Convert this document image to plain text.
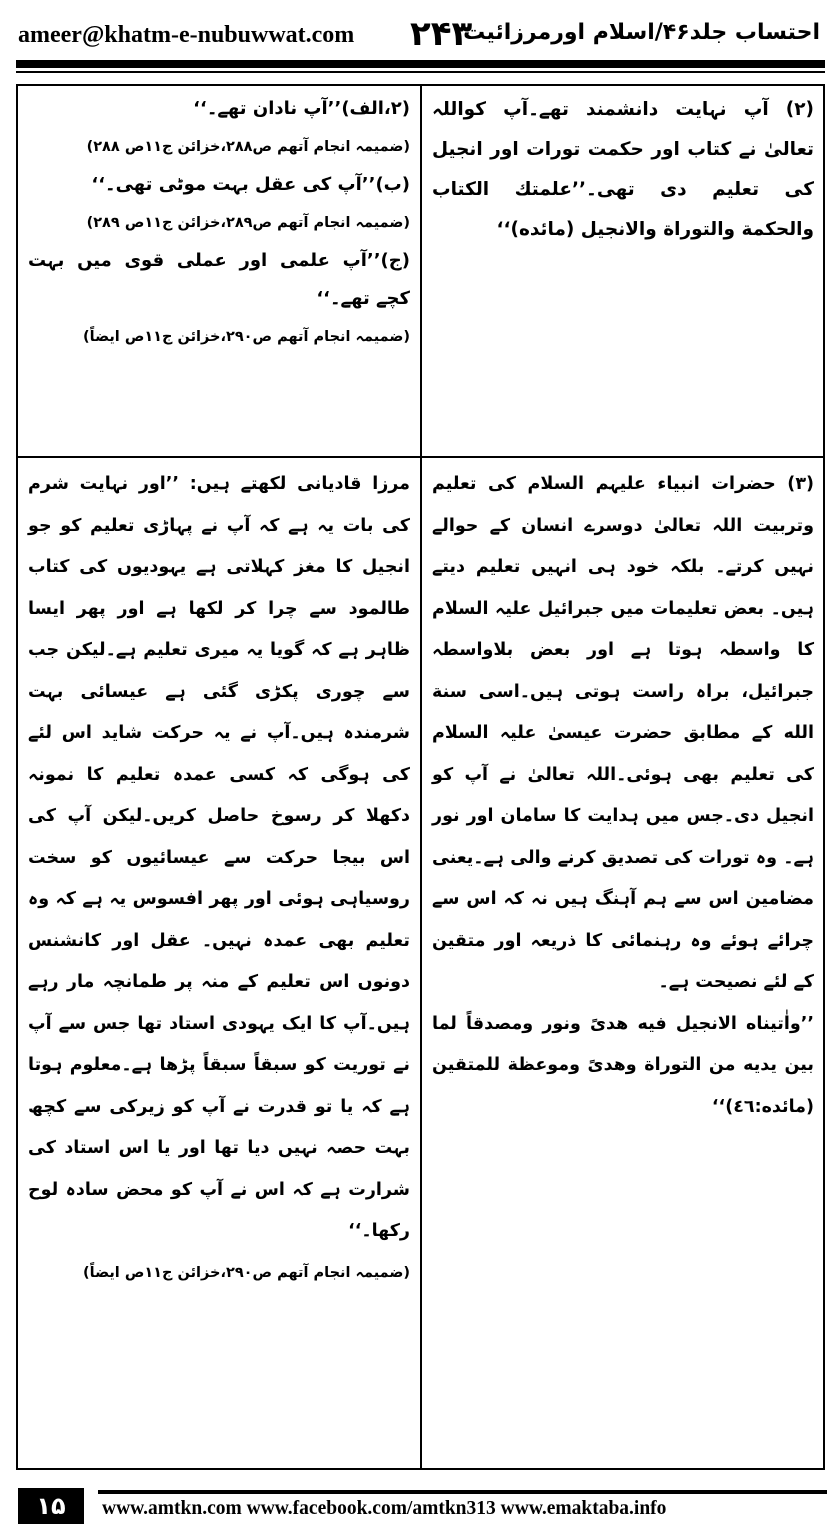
ameer@khatm-e-nubuwwat.com ۲۴۳
احتساب جلد۴۶/اسلام اورمرزائیت

(۲) آپ نہایت دانشمند تھے۔آپ کواللہ تعالیٰ نے کتاب اور حکمت تورات اور انجیل کی تعلیم دی تھی۔’’علمتك الكتاب والحكمة والتوراة والانجيل (مائده)‘‘

(۲،الف)’’آپ نادان تھے۔‘‘

(ضمیمہ انجام آتھم ص۲۸۸،خزائن ج۱۱ص ۲۸۸)

(ب)’’آپ کی عقل بہت موٹی تھی۔‘‘

(ضمیمہ انجام آتھم ص۲۸۹،خزائن ج۱۱ص ۲۸۹)

(ج)’’آپ علمی اور عملی قوی میں بہت کچے تھے۔‘‘

(ضمیمہ انجام آتھم ص۲۹۰،خزائن ج۱۱ص ایضاً)

(۳) حضرات انبیاء علیہم السلام کی تعلیم وتربیت اللہ تعالیٰ دوسرے انسان کے حوالے نہیں کرتے۔ بلکہ خود ہی انہیں تعلیم دیتے ہیں۔ بعض تعلیمات میں جبرائیل علیہ السلام کا واسطہ ہوتا ہے اور بعض بلاواسطہ جبرائیل، براہ راست ہوتی ہیں۔اسی سنة الله کے مطابق حضرت عیسیٰ علیہ السلام کی تعلیم بھی ہوئی۔اللہ تعالیٰ نے آپ کو انجیل دی۔جس میں ہدایت کا سامان اور نور ہے۔ وہ تورات کی تصدیق کرنے والی ہے۔یعنی مضامین اس سے ہم آہنگ ہیں نہ کہ اس سے چرائے ہوئے وہ رہنمائی کا ذریعہ اور متقین کے لئے نصیحت ہے۔

’’واٰتیناه الانجیل فیه هدیً ونور ومصدقاً لما بین یدیه من التوراة وهدیً وموعظة للمتقین (مائده:٤٦)‘‘

مرزا قادیانی لکھتے ہیں: ’’اور نہایت شرم کی بات یہ ہے کہ آپ نے پہاڑی تعلیم کو جو انجیل کا مغز کہلاتی ہے یہودیوں کی کتاب طالمود سے چرا کر لکھا ہے اور پھر ایسا ظاہر ہے کہ گویا یہ میری تعلیم ہے۔لیکن جب سے چوری پکڑی گئی ہے عیسائی بہت شرمندہ ہیں۔آپ نے یہ حرکت شاید اس لئے کی ہوگی کہ کسی عمدہ تعلیم کا نمونہ دکھلا کر رسوخ حاصل کریں۔لیکن آپ کی اس بیجا حرکت سے عیسائیوں کو سخت روسیاہی ہوئی اور پھر افسوس یہ ہے کہ وہ تعلیم بھی عمدہ نہیں۔ عقل اور کانشنس دونوں اس تعلیم کے منہ پر طمانچہ مار رہے ہیں۔آپ کا ایک یہودی استاد تھا جس سے آپ نے توریت کو سبقاً سبقاً پڑھا ہے۔معلوم ہوتا ہے کہ یا تو قدرت نے آپ کو زیرکی سے کچھ بہت حصہ نہیں دیا تھا اور یا اس استاد کی شرارت ہے کہ اس نے آپ کو محض سادہ لوح رکھا۔‘‘

(ضمیمہ انجام آتھم ص۲۹۰،خزائن ج۱۱ص ایضاً)

۱۵	www.amtkn.com www.facebook.com/amtkn313 www.emaktaba.info
